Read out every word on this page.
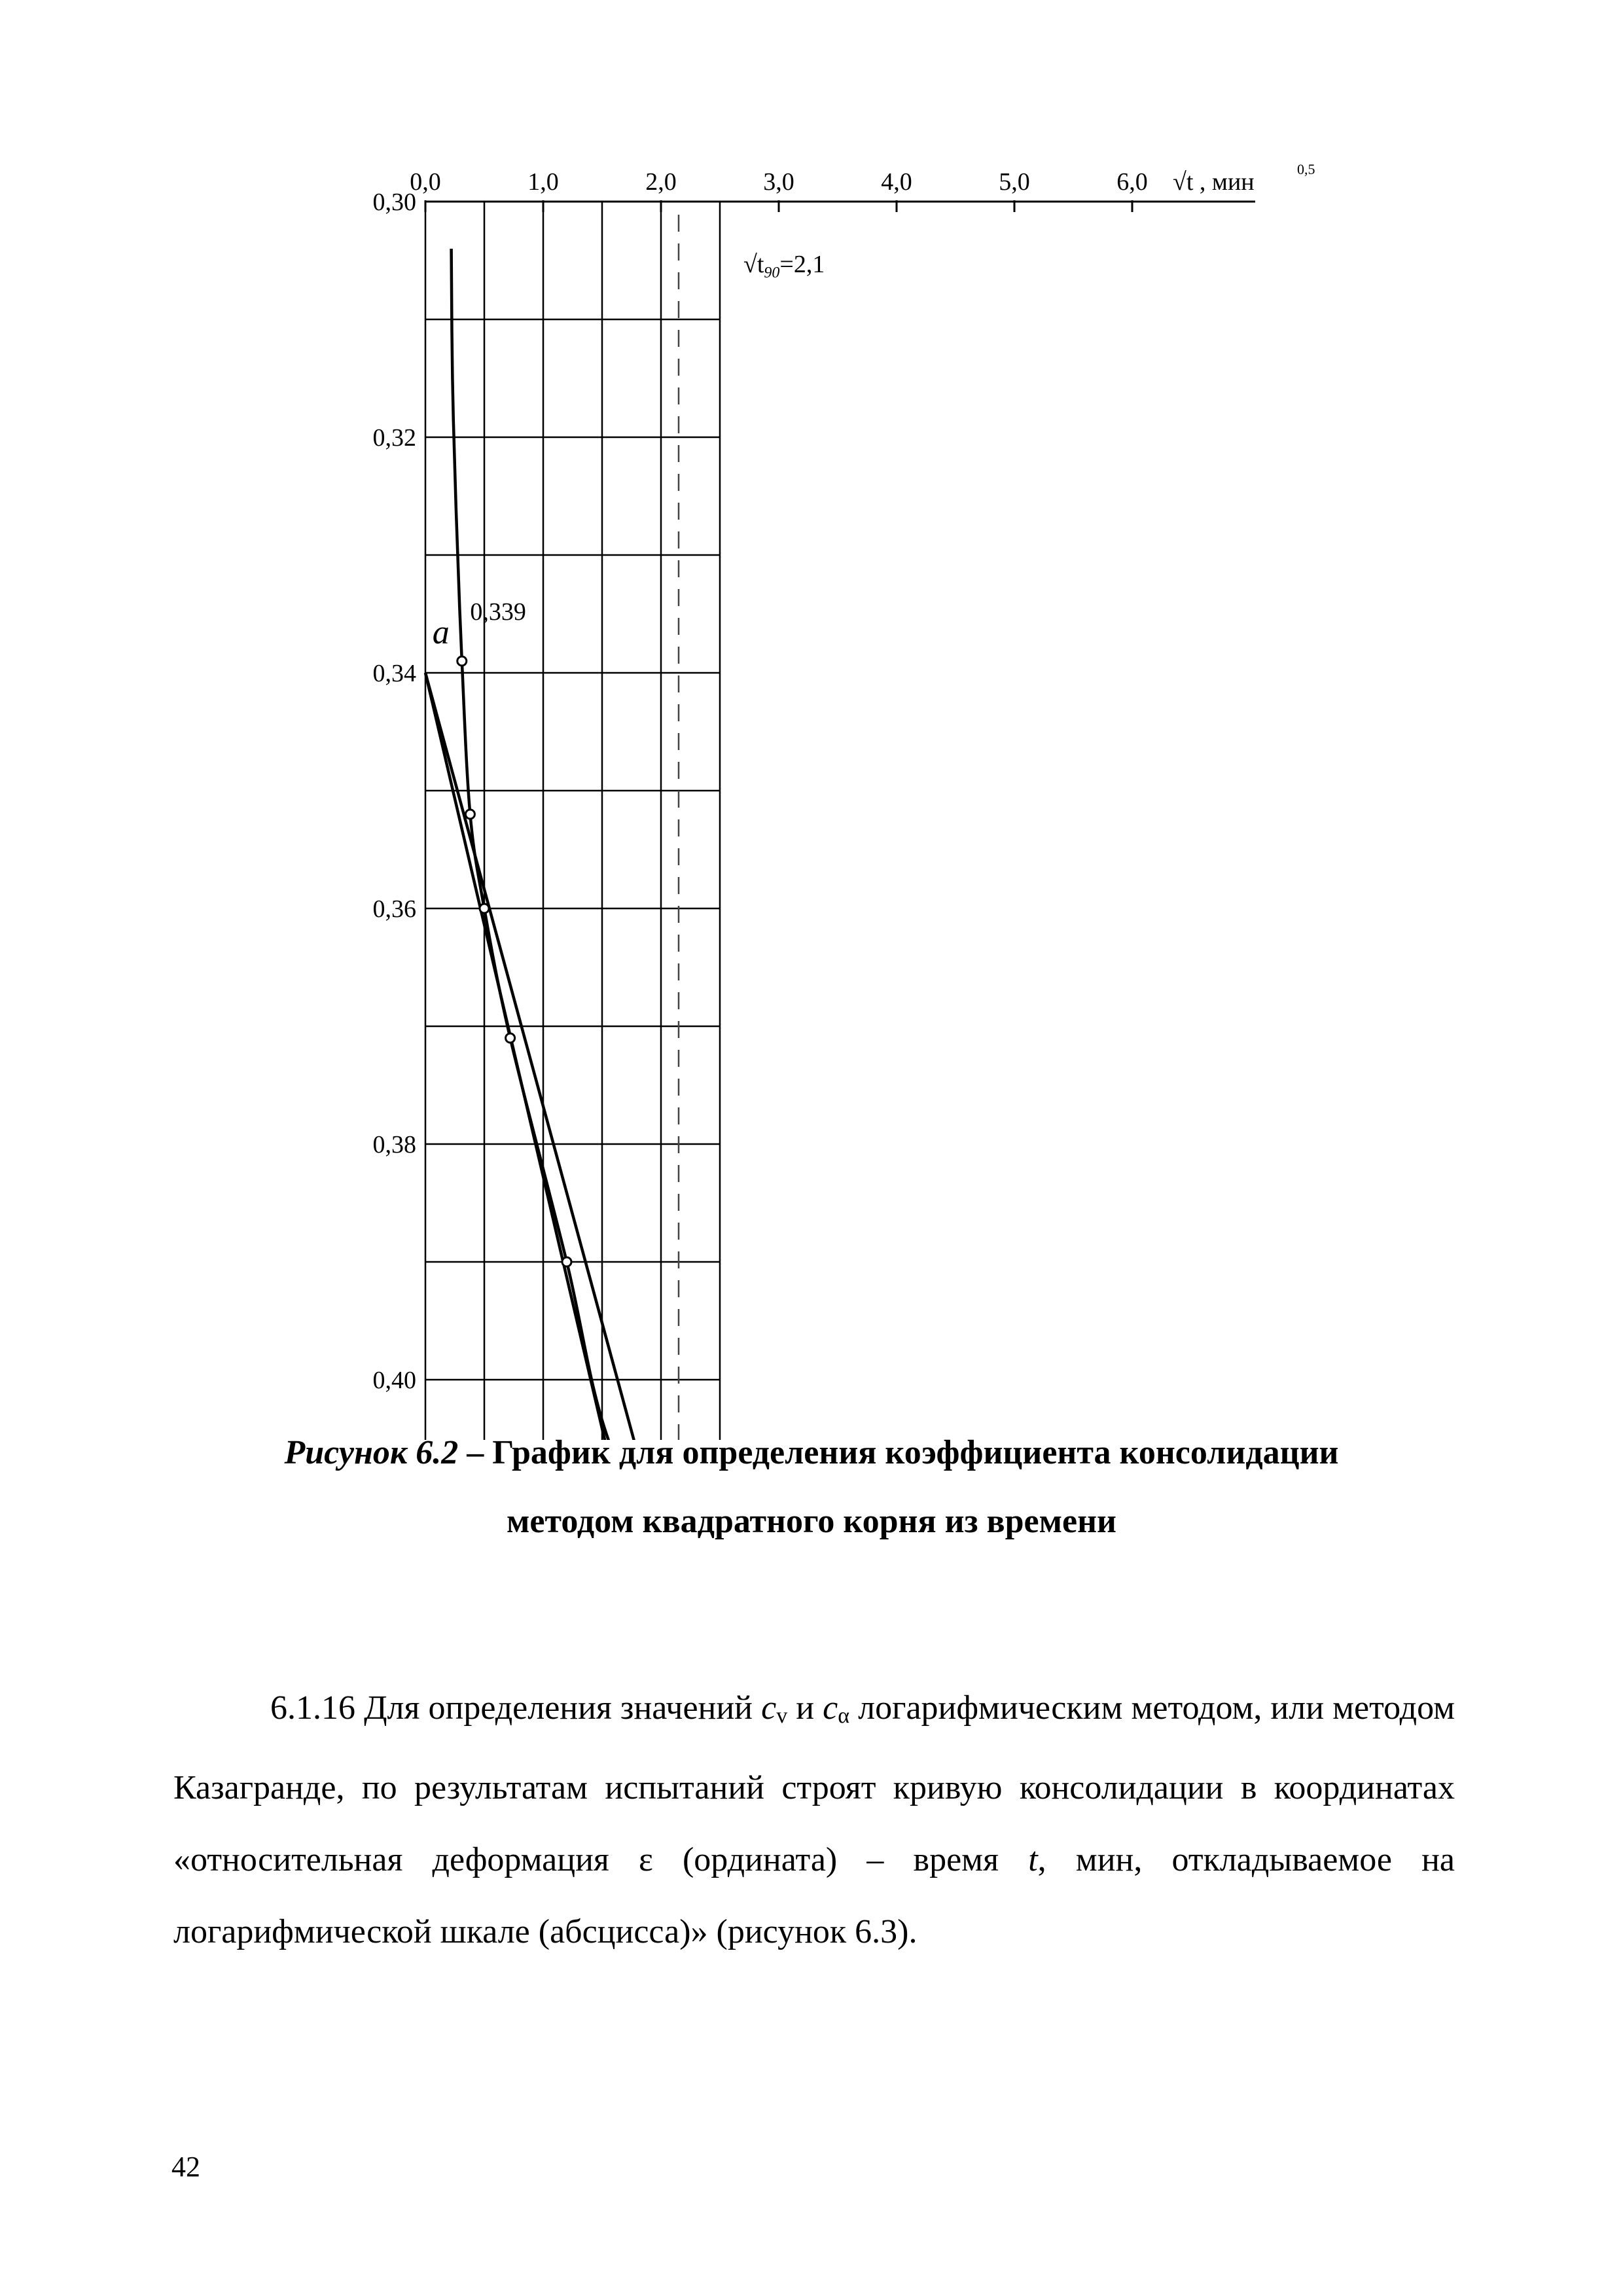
0,0	1,0	2,0	3,0	4,0	5,0	6,0
0,30
0,32
0,34
0,36
0,38
0,40
√t , мин	0,5
0,339
$√t_{90}=2,1$
a
Рисунок 6.2 – График для определения коэффициента консолидации
методом квадратного корня из времени
6.1.16 Для определения значений cv и cα логарифмическим методом, или методом Казагранде, по результатам испытаний строят кривую консолидации в координатах «относительная деформация ε (ордината) – время t, мин, откладываемое на логарифмической шкале (абсцисса)» (рисунок 6.3).
42
